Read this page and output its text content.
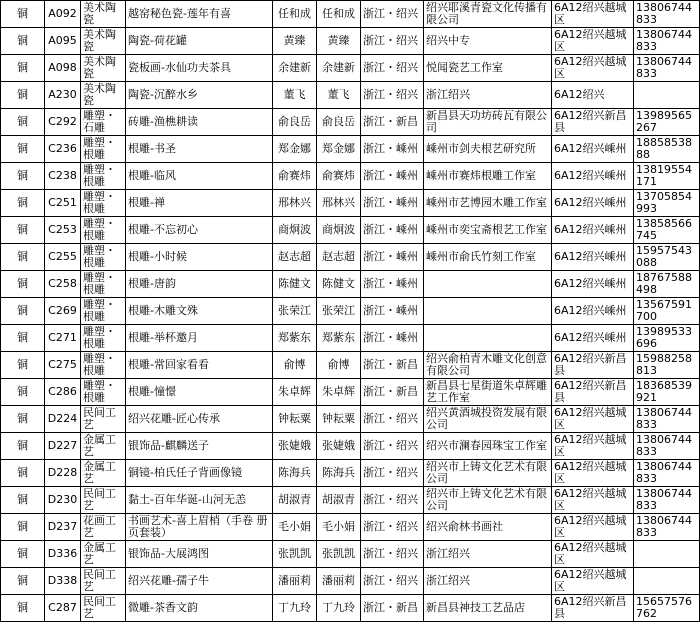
铜	A092	美术陶瓷	越窑秘色瓷-莲年有喜	任和成	任和成	浙江・绍兴	绍兴耶溪青瓷文化传播有限公司	6A12绍兴越城区	13806744833
铜	A095	美术陶瓷	陶瓷-荷花罐	黄臻	黄臻	浙江・绍兴	绍兴中专	6A12绍兴越城区	13806744833
铜	A098	美术陶瓷	瓷板画-水仙功夫茶具	余建新	余建新	浙江・绍兴	悦闻瓷艺工作室	6A12绍兴越城区	13806744833
铜	A230	美术陶瓷	陶瓷-沉醉水乡	董飞	董飞	浙江・绍兴	浙江绍兴	6A12绍兴	
铜	C292	雕塑・石雕	砖雕-渔樵耕读	俞良岳	俞良岳	浙江・新昌	新昌县天功坊砖瓦有限公司	6A12绍兴新昌县	13989565267
铜	C236	雕塑・根雕	根雕-书圣	郑金娜	郑金娜	浙江・嵊州	嵊州市剑夫根艺研究所	6A12绍兴嵊州	1885853888
铜	C238	雕塑・根雕	根雕-临风	俞赛炜	俞赛炜	浙江・嵊州	嵊州市赛炜根雕工作室	6A12绍兴嵊州	13819554171
铜	C251	雕塑・根雕	根雕-禅	邢林兴	邢林兴	浙江・嵊州	嵊州市艺博园木雕工作室	6A12绍兴嵊州	13705854993
铜	C253	雕塑・根雕	根雕-不忘初心	商炯波	商炯波	浙江・嵊州	嵊州市奕宝斋根艺工作室	6A12绍兴嵊州	13858566745
铜	C255	雕塑・根雕	根雕-小时候	赵志超	赵志超	浙江・嵊州	嵊州市俞氏竹刻工作室	6A12绍兴嵊州	15957543088
铜	C258	雕塑・根雕	根雕-唐韵	陈健文	陈健文	浙江・嵊州		6A12绍兴嵊州	18767588498
铜	C269	雕塑・根雕	根雕-木雕文殊	张荣江	张荣江	浙江・嵊州		6A12绍兴嵊州	13567591700
铜	C271	雕塑・根雕	根雕-举杯邀月	郑紫东	郑紫东	浙江・嵊州		6A12绍兴嵊州	13989533696
铜	C275	雕塑・根雕	根雕-常回家看看	俞博	俞博	浙江・新昌	绍兴俞柏青木雕文化创意有限公司	6A12绍兴新昌县	15988258813
铜	C286	雕塑・根雕	根雕-憧憬	朱卓辉	朱卓辉	浙江・新昌	新昌县七星街道朱卓辉雕艺工作室	6A12绍兴新昌县	18368539921
铜	D224	民间工艺	绍兴花雕-匠心传承	钟耘粟	钟耘粟	浙江・绍兴	绍兴黄酒城投资发展有限公司	6A12绍兴越城区	13806744833
铜	D227	金属工艺	银饰品-麒麟送子	张婕娥	张婕娥	浙江・绍兴	绍兴市澜春园珠宝工作室	6A12绍兴越城区	13806744833
铜	D228	金属工艺	铜镜-柏氏任子背画像镜	陈海兵	陈海兵	浙江・绍兴	绍兴市上铸文化艺术有限公司	6A12绍兴越城区	13806744833
铜	D230	民间工艺	黏土-百年华诞-山河无恙	胡淑青	胡淑青	浙江・绍兴	绍兴市上铸文化艺术有限公司	6A12绍兴越城区	13806744833
铜	D237	花画工艺	书画艺术-喜上眉梢（手卷 册页套装）	毛小娟	毛小娟	浙江・绍兴	绍兴俞林书画社	6A12绍兴越城区	13806744833
铜	D336	金属工艺	银饰品-大展鸿图	张凯凯	张凯凯	浙江・绍兴	浙江绍兴	6A12绍兴越城区	
铜	D338	民间工艺	绍兴花雕-孺子牛	潘丽莉	潘丽莉	浙江・绍兴	浙江绍兴	6A12绍兴越城区	
铜	C287	民间工艺	微雕-茶香文韵	丁九玲	丁九玲	浙江・新昌	新昌县神技工艺品店	6A12绍兴新昌县	15657576762
